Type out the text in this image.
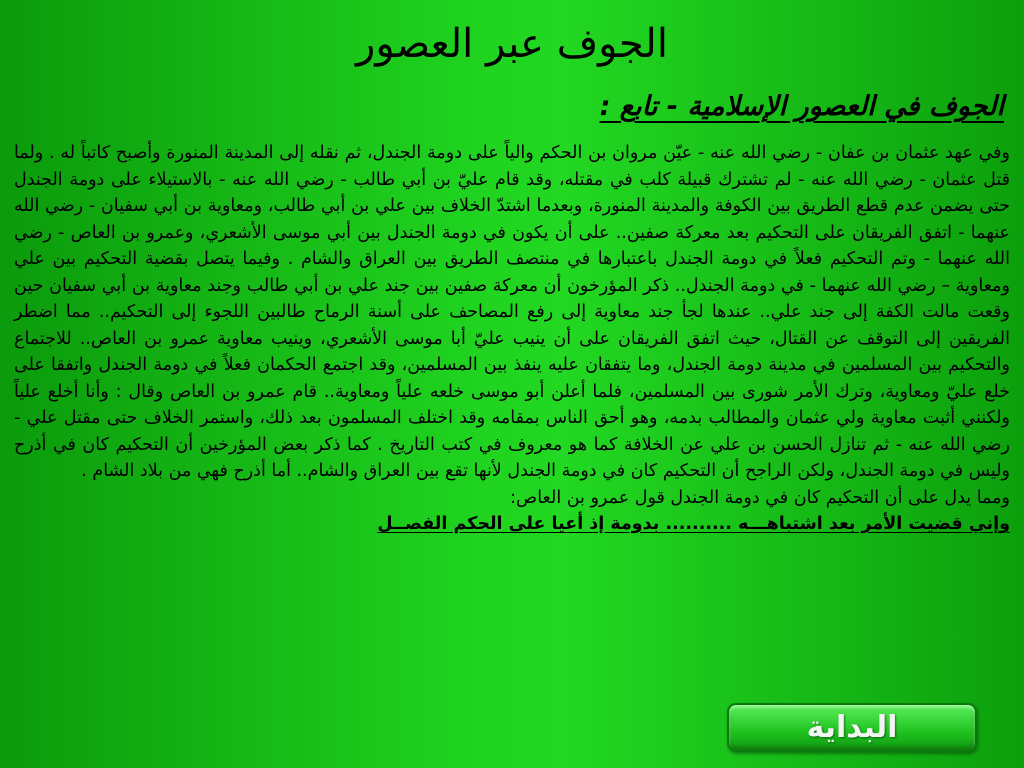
الجوف عبر العصور
الجوف في العصور الإسلامية - تابع :

وفي عهد عثمان بن عفان - رضي الله عنه - عيّن مروان بن الحكم والياً على دومة الجندل، ثم نقله إلى المدينة المنورة وأصبح كاتباً له . ولما قتل عثمان - رضي الله عنه - لم تشترك قبيلة كلب في مقتله، وقد قام عليّ بن أبي طالب - رضي الله عنه - بالاستيلاء على دومة الجندل حتى يضمن عدم قطع الطريق بين الكوفة والمدينة المنورة، وبعدما اشتدّ الخلاف بين علي بن أبي طالب، ومعاوية بن أبي سفيان - رضي الله عنهما - اتفق الفريقان على التحكيم بعد معركة صفين.. على أن يكون في دومة الجندل بين أبي موسى الأشعري، وعمرو بن العاص - رضي الله عنهما - وتم التحكيم فعلاً في دومة الجندل باعتبارها في منتصف الطريق بين العراق والشام . وفيما يتصل بقضية التحكيم بين علي ومعاوية – رضي الله عنهما - في دومة الجندل.. ذكر المؤرخون أن معركة صفين بين جند علي بن أبي طالب وجند معاوية بن أبي سفيان حين وقعت مالت الكفة إلى جند علي.. عندها لجأ جند معاوية إلى رفع المصاحف على أسنة الرماح طالبين اللجوء إلى التحكيم.. مما اضطر الفريقين إلى التوقف عن القتال، حيث اتفق الفريقان على أن ينيب عليّ أبا موسى الأشعري، وينيب معاوية عمرو بن العاص.. للاجتماع والتحكيم بين المسلمين في مدينة دومة الجندل، وما يتفقان عليه ينفذ بين المسلمين، وقد اجتمع الحكمان فعلاً في دومة الجندل واتفقا على خلع عليّ ومعاوية، وترك الأمر شورى بين المسلمين، فلما أعلن أبو موسى خلعه علياً ومعاوية.. قام عمرو بن العاص وقال : وأنا أخلع علياً ولكنني أثبت معاوية ولي عثمان والمطالب بدمه، وهو أحق الناس بمقامه وقد اختلف المسلمون بعد ذلك، واستمر الخلاف حتى مقتل علي - رضي الله عنه - ثم تنازل الحسن بن علي عن الخلافة كما هو معروف في كتب التاريخ . كما ذكر بعض المؤرخين أن التحكيم كان في أذرح وليس في دومة الجندل، ولكن الراجح أن التحكيم كان في دومة الجندل لأنها تقع بين العراق والشام.. أما أذرح فهي من بلاد الشام .

ومما يدل على أن التحكيم كان في دومة الجندل قول عمرو بن العاص:

وإني قضيت الأمر بعد اشتباهـــه .......... بدومة إذ أعيا على الحكم الفصــل
البداية
